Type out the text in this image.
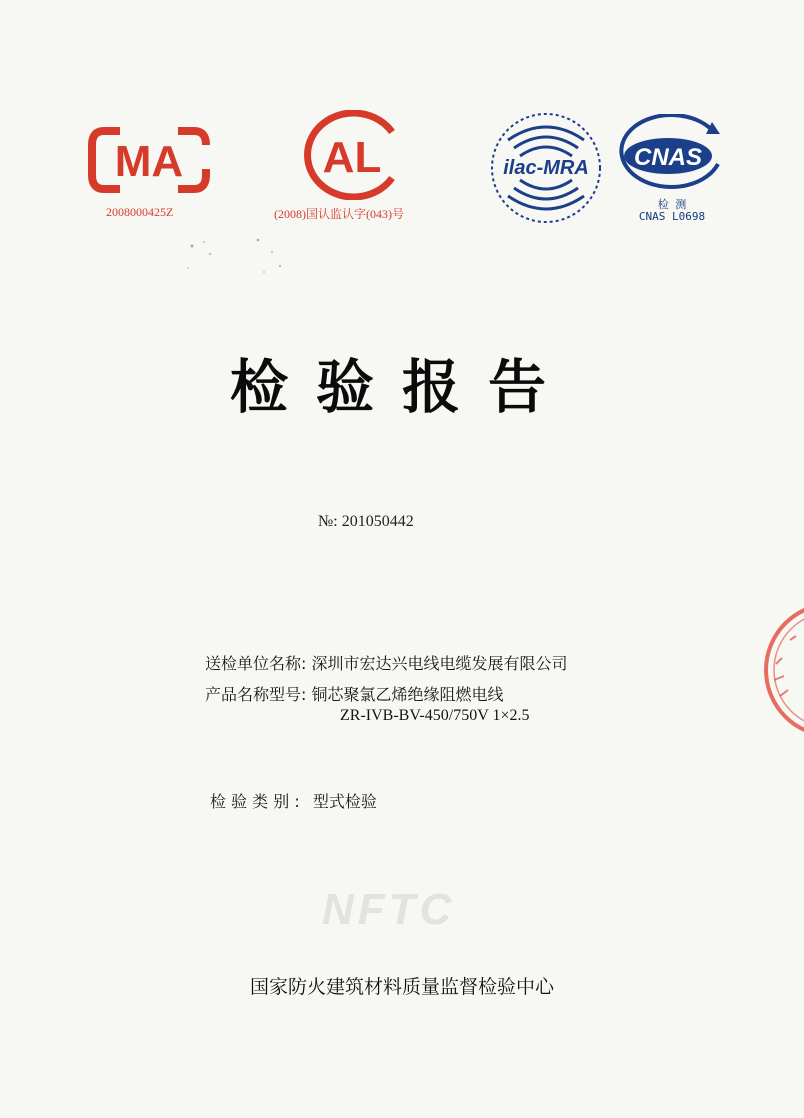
MA
2008000425Z
AL
(2008)国认监认字(043)号
ilac-MRA CNAS
检 测
CNAS L0698
检验报告
№: 201050442
送检单位名称: 深圳市宏达兴电线电缆发展有限公司
产品名称型号: 铜芯聚氯乙烯绝缘阻燃电线
ZR-IVB-BV-450/750V 1×2.5
检 验 类 别 : 型式检验
NFTC
国家防火建筑材料质量监督检验中心
